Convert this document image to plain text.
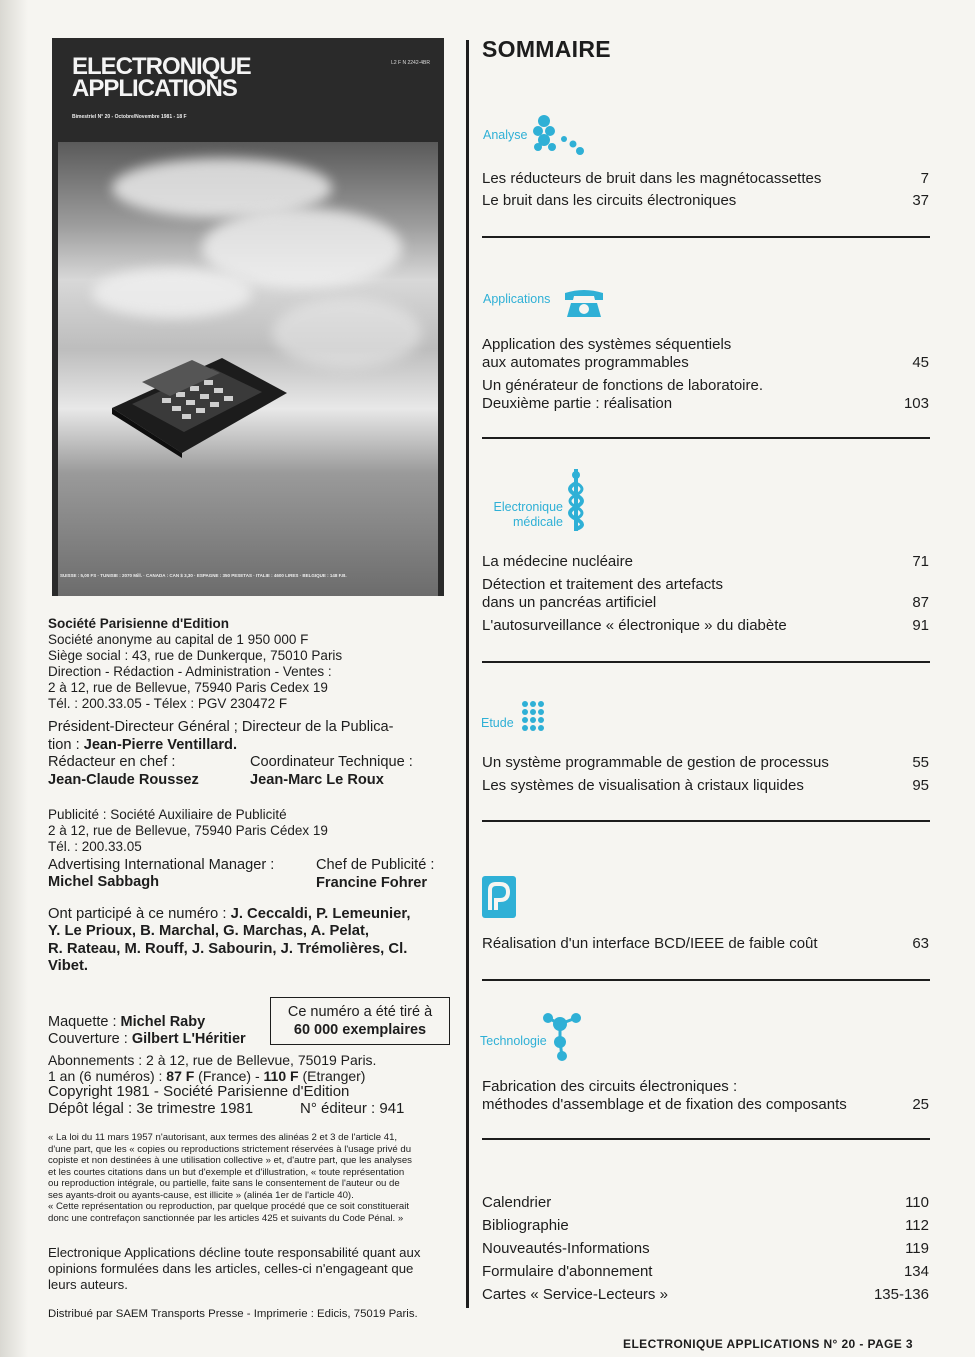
ELECTRONIQUE
APPLICATIONS
Bimestriel N° 20 - Octobre/Novembre 1981 - 18 F
L2 F N 2242-4BR
SUISSE : 5,00 FS · TUNISIE : 2070 Mill. · CANADA : CAN $ 3,30 · ESPAGNE : 350 PESETAS · ITALIE : 4600 LIRES · BELGIQUE : 148 F.B.
Société Parisienne d'Edition
Société anonyme au capital de 1 950 000 F
Siège social : 43, rue de Dunkerque, 75010 Paris
Direction - Rédaction - Administration - Ventes :
2 à 12, rue de Bellevue, 75940 Paris Cedex 19
Tél. : 200.33.05 - Télex : PGV 230472 F
Président-Directeur Général ; Directeur de la Publica-
tion : Jean-Pierre Ventillard.
Rédacteur en chef :	Coordinateur Technique :
Jean-Claude Roussez	Jean-Marc Le Roux
Publicité : Société Auxiliaire de Publicité
2 à 12, rue de Bellevue, 75940 Paris Cédex 19
Tél. : 200.33.05
Advertising International Manager :	Chef de Publicité :
Michel Sabbagh	Francine Fohrer
Ont participé à ce numéro : J. Ceccaldi, P. Lemeunier,
Y. Le Prioux, B. Marchal, G. Marchas, A. Pelat,
R. Rateau, M. Rouff, J. Sabourin, J. Trémolières, Cl.
Vibet.
Ce numéro a été tiré à
60 000 exemplaires
Maquette : Michel Raby
Couverture : Gilbert L'Héritier
Abonnements : 2 à 12, rue de Bellevue, 75019 Paris.
1 an (6 numéros) : 87 F (France) - 110 F (Etranger)
Copyright 1981 - Société Parisienne d'Edition
Dépôt légal : 3e trimestre 1981	N° éditeur : 941
« La loi du 11 mars 1957 n'autorisant, aux termes des alinéas 2 et 3 de l'article 41,
d'une part, que les « copies ou reproductions strictement réservées à l'usage privé du
copiste et non destinées à une utilisation collective » et, d'autre part, que les analyses
et les courtes citations dans un but d'exemple et d'illustration, « toute représentation
ou reproduction intégrale, ou partielle, faite sans le consentement de l'auteur ou de
ses ayants-droit ou ayants-cause, est illicite » (alinéa 1er de l'article 40).
« Cette représentation ou reproduction, par quelque procédé que ce soit constituerait
donc une contrefaçon sanctionnée par les articles 425 et suivants du Code Pénal. »
Electronique Applications décline toute responsabilité quant aux
opinions formulées dans les articles, celles-ci n'engageant que
leurs auteurs.
Distribué par SAEM Transports Presse - Imprimerie : Edicis, 75019 Paris.
SOMMAIRE
Analyse
Les réducteurs de bruit dans les magnétocassettes	7
Le bruit dans les circuits électroniques	37
Applications
Application des systèmes séquentiels
aux automates programmables	45
Un générateur de fonctions de laboratoire.
Deuxième partie : réalisation	103
Electronique
médicale
La médecine nucléaire	71
Détection et traitement des artefacts
dans un pancréas artificiel	87
L'autosurveillance « électronique » du diabète	91
Etude
Un système programmable de gestion de processus	55
Les systèmes de visualisation à cristaux liquides	95
Réalisation d'un interface BCD/IEEE de faible coût	63
Technologie
Fabrication des circuits électroniques :
méthodes d'assemblage et de fixation des composants	25
Calendrier	110
Bibliographie	112
Nouveautés-Informations	119
Formulaire d'abonnement	134
Cartes « Service-Lecteurs »	135-136
ELECTRONIQUE APPLICATIONS N° 20 - PAGE 3
